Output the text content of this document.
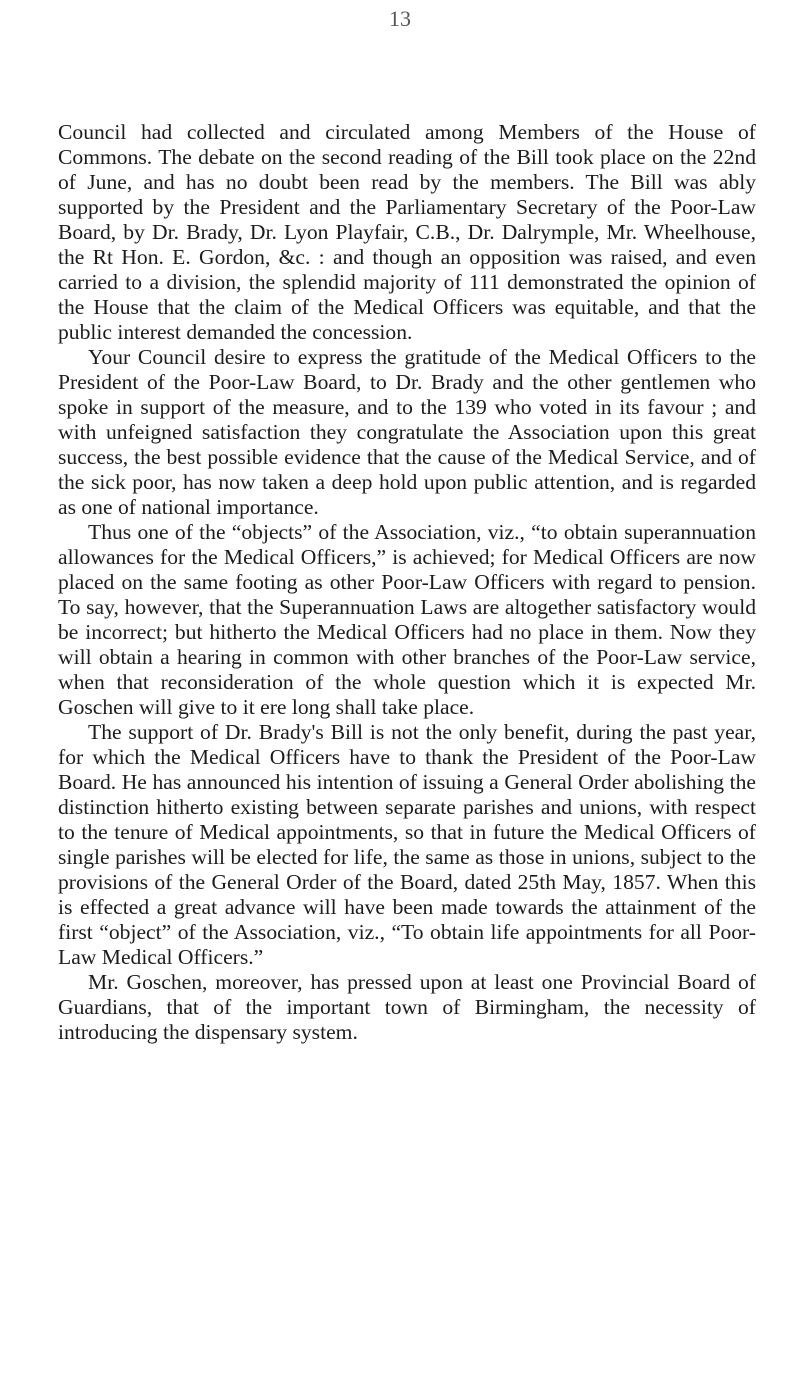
13

Council had collected and circulated among Members of the House of Commons. The debate on the second reading of the Bill took place on the 22nd of June, and has no doubt been read by the members. The Bill was ably supported by the President and the Parliamentary Secretary of the Poor-Law Board, by Dr. Brady, Dr. Lyon Playfair, C.B., Dr. Dalrymple, Mr. Wheelhouse, the Rt Hon. E. Gordon, &c. : and though an opposition was raised, and even carried to a division, the splendid majority of 111 demonstrated the opinion of the House that the claim of the Medical Officers was equitable, and that the public interest demanded the concession.

Your Council desire to express the gratitude of the Medical Officers to the President of the Poor-Law Board, to Dr. Brady and the other gentlemen who spoke in support of the measure, and to the 139 who voted in its favour ; and with unfeigned satisfaction they congratulate the Association upon this great success, the best possible evidence that the cause of the Medical Service, and of the sick poor, has now taken a deep hold upon public attention, and is regarded as one of national importance.

Thus one of the “objects” of the Association, viz., “to obtain superannuation allowances for the Medical Officers,” is achieved; for Medical Officers are now placed on the same footing as other Poor-Law Officers with regard to pension. To say, however, that the Superannuation Laws are altogether satisfactory would be incorrect; but hitherto the Medical Officers had no place in them. Now they will obtain a hearing in common with other branches of the Poor-Law service, when that reconsideration of the whole question which it is expected Mr. Goschen will give to it ere long shall take place.

The support of Dr. Brady's Bill is not the only benefit, during the past year, for which the Medical Officers have to thank the President of the Poor-Law Board. He has announced his intention of issuing a General Order abolishing the distinction hitherto existing between separate parishes and unions, with respect to the tenure of Medical appointments, so that in future the Medical Officers of single parishes will be elected for life, the same as those in unions, subject to the provisions of the General Order of the Board, dated 25th May, 1857. When this is effected a great advance will have been made towards the attainment of the first “object” of the Association, viz., “To obtain life appointments for all Poor-Law Medical Officers.”

Mr. Goschen, moreover, has pressed upon at least one Provincial Board of Guardians, that of the important town of Birmingham, the necessity of introducing the dispensary system.
